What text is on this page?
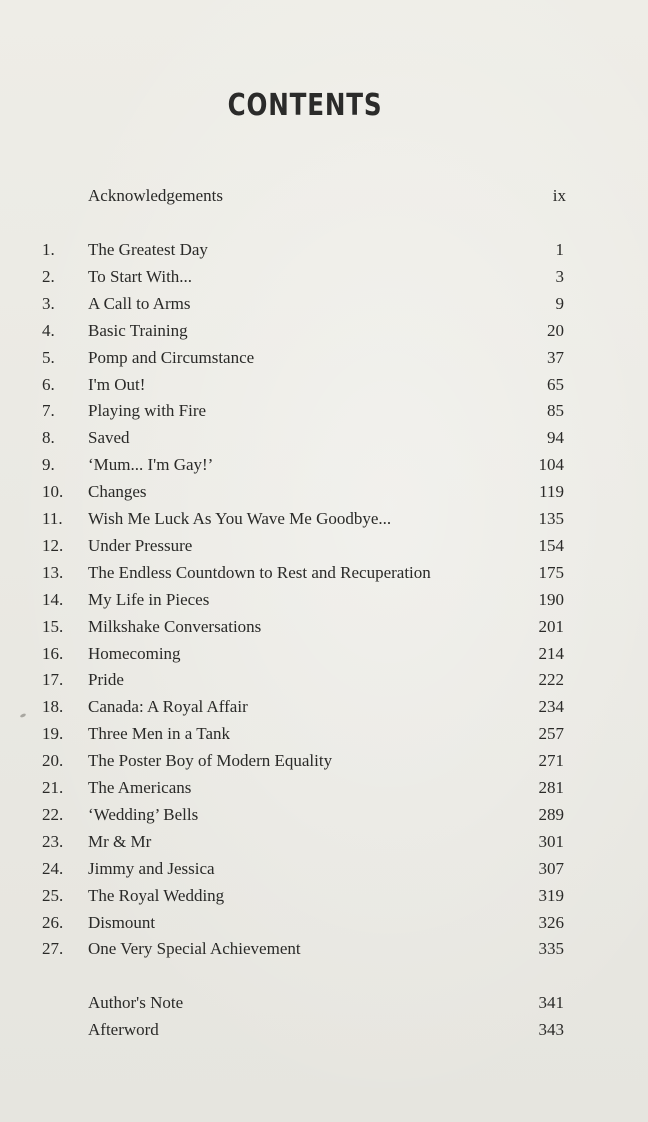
CONTENTS
Acknowledgements	ix
1.	The Greatest Day	1
2.	To Start With...	3
3.	A Call to Arms	9
4.	Basic Training	20
5.	Pomp and Circumstance	37
6.	I'm Out!	65
7.	Playing with Fire	85
8.	Saved	94
9.	‘Mum... I'm Gay!’	104
10.	Changes	119
11.	Wish Me Luck As You Wave Me Goodbye...	135
12.	Under Pressure	154
13.	The Endless Countdown to Rest and Recuperation	175
14.	My Life in Pieces	190
15.	Milkshake Conversations	201
16.	Homecoming	214
17.	Pride	222
18.	Canada: A Royal Affair	234
19.	Three Men in a Tank	257
20.	The Poster Boy of Modern Equality	271
21.	The Americans	281
22.	‘Wedding’ Bells	289
23.	Mr & Mr	301
24.	Jimmy and Jessica	307
25.	The Royal Wedding	319
26.	Dismount	326
27.	One Very Special Achievement	335
Author's Note	341
Afterword	343
